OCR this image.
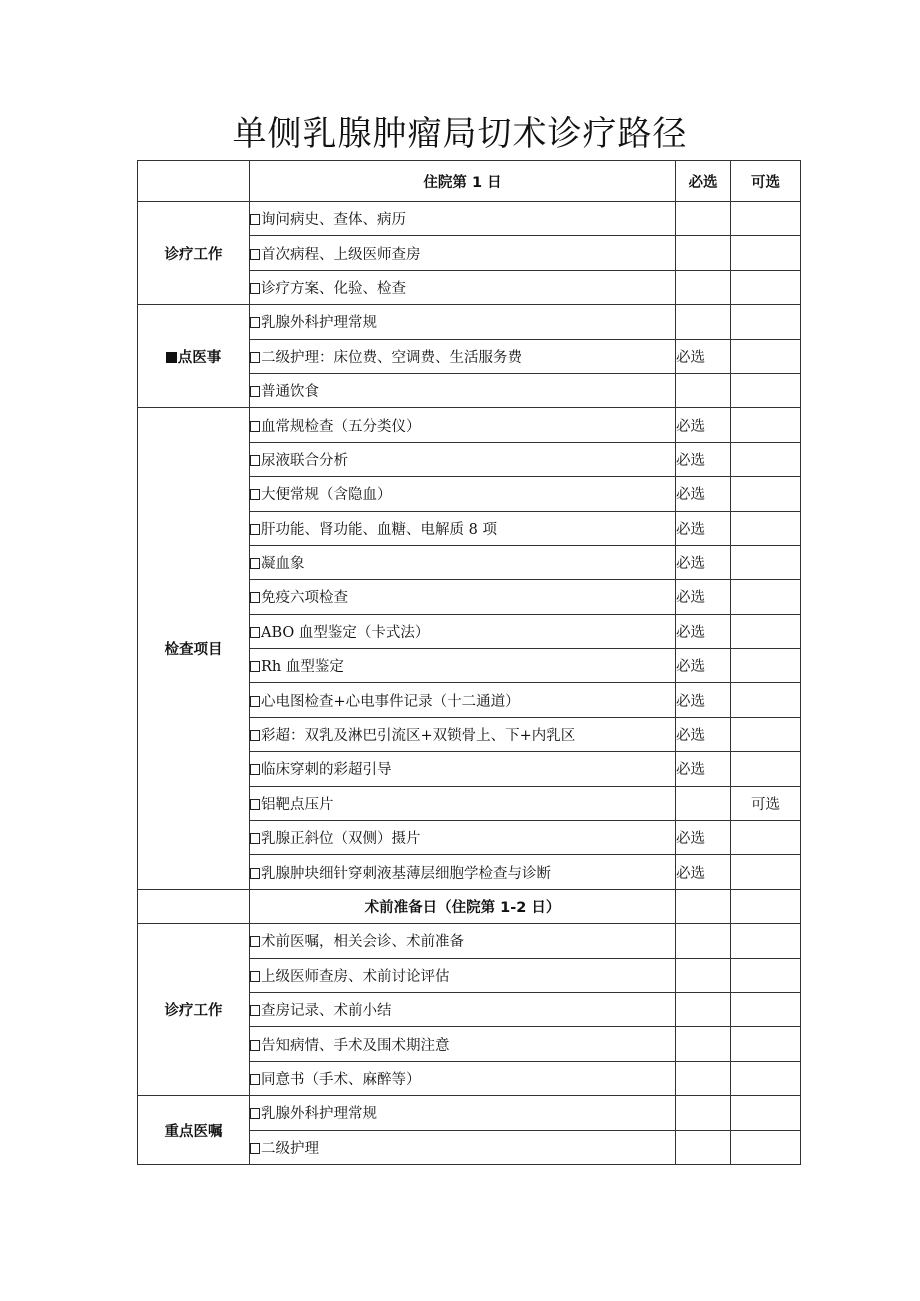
单侧乳腺肿瘤局切术诊疗路径
	住院第 1 日	必选	可选
诊疗工作	询问病史、查体、病历		
	首次病程、上级医师查房		
	诊疗方案、化验、检查		
点医事	乳腺外科护理常规		
	二级护理：床位费、空调费、生活服务费	必选	
	普通饮食		
检查项目	血常规检查（五分类仪）	必选	
	尿液联合分析	必选	
	大便常规（含隐血）	必选	
	肝功能、肾功能、血糖、电解质 8 项	必选	
	凝血象	必选	
	免疫六项检查	必选	
	ABO 血型鉴定（卡式法）	必选	
	Rh 血型鉴定	必选	
	心电图检查+心电事件记录（十二通道）	必选	
	彩超：双乳及淋巴引流区+双锁骨上、下+内乳区	必选	
	临床穿刺的彩超引导	必选	
	铝靶点压片		可选
	乳腺正斜位（双侧）摄片	必选	
	乳腺肿块细针穿刺液基薄层细胞学检查与诊断	必选	
	术前准备日（住院第 1-2 日）		
诊疗工作	术前医嘱，相关会诊、术前准备		
	上级医师查房、术前讨论评估		
	查房记录、术前小结		
	告知病情、手术及围术期注意		
	同意书（手术、麻醉等）		
重点医嘱	乳腺外科护理常规		
	二级护理		
